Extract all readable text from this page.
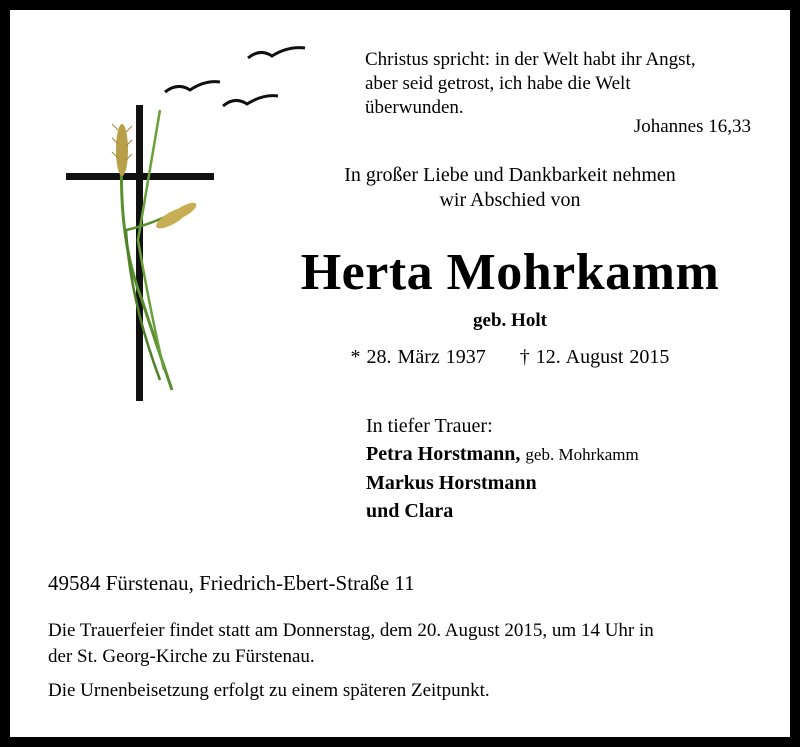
Christus spricht: in der Welt habt ihr Angst,
aber seid getrost, ich habe die Welt
überwunden.
Johannes 16,33
In großer Liebe und Dankbarkeit nehmen
wir Abschied von
Herta Mohrkamm
geb. Holt
* 28. März 1937 † 12. August 2015
In tiefer Trauer:
Petra Horstmann, geb. Mohrkamm
Markus Horstmann
und Clara
49584 Fürstenau, Friedrich-Ebert-Straße 11
Die Trauerfeier findet statt am Donnerstag, dem 20. August 2015, um 14 Uhr in
der St. Georg-Kirche zu Fürstenau.
Die Urnenbeisetzung erfolgt zu einem späteren Zeitpunkt.
